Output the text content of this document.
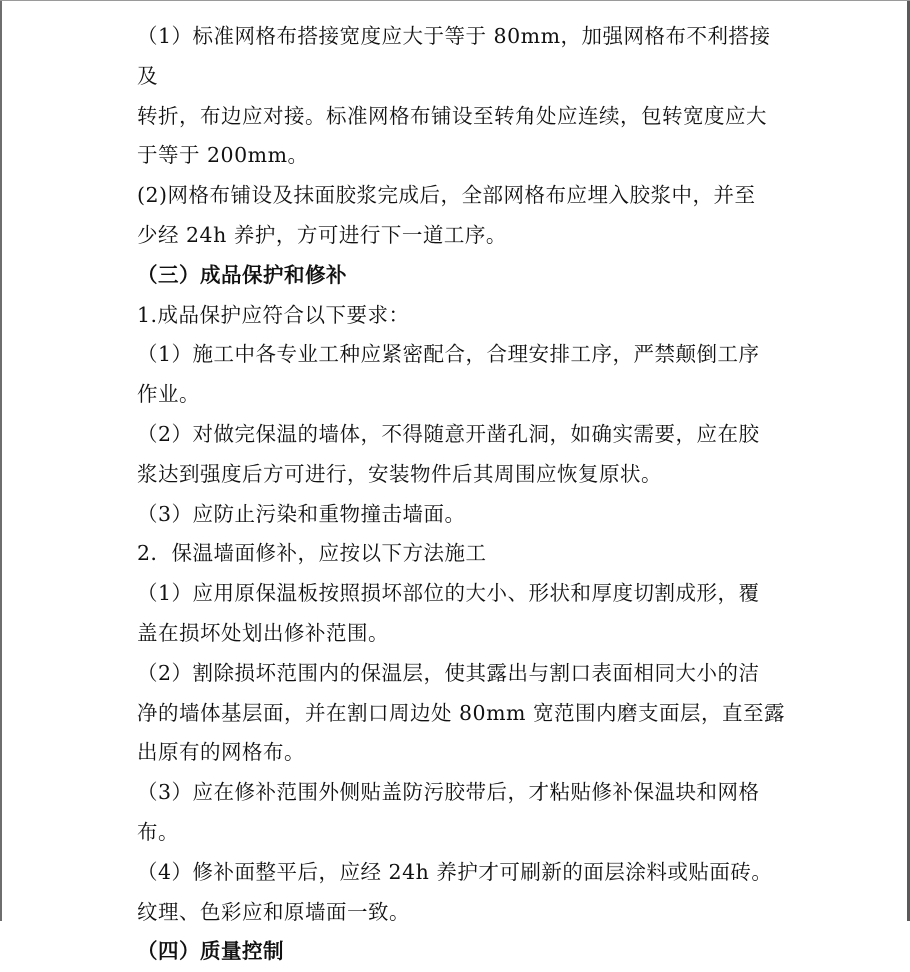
（1）标准网格布搭接宽度应大于等于 80mm，加强网格布不利搭接及

转折，布边应对接。标准网格布铺设至转角处应连续，包转宽度应大

于等于 200mm。

(2)网格布铺设及抹面胶浆完成后，全部网格布应埋入胶浆中，并至

少经 24h 养护，方可进行下一道工序。

（三）成品保护和修补

1.成品保护应符合以下要求：

（1）施工中各专业工种应紧密配合，合理安排工序，严禁颠倒工序

作业。

（2）对做完保温的墙体，不得随意开凿孔洞，如确实需要，应在胶

浆达到强度后方可进行，安装物件后其周围应恢复原状。

（3）应防止污染和重物撞击墙面。

2．保温墙面修补，应按以下方法施工

（1）应用原保温板按照损坏部位的大小、形状和厚度切割成形，覆

盖在损坏处划出修补范围。

（2）割除损坏范围内的保温层，使其露出与割口表面相同大小的洁

净的墙体基层面，并在割口周边处 80mm 宽范围内磨支面层，直至露

出原有的网格布。

（3）应在修补范围外侧贴盖防污胶带后，才粘贴修补保温块和网格

布。

（4）修补面整平后，应经 24h 养护才可刷新的面层涂料或贴面砖。

纹理、色彩应和原墙面一致。

（四）质量控制
